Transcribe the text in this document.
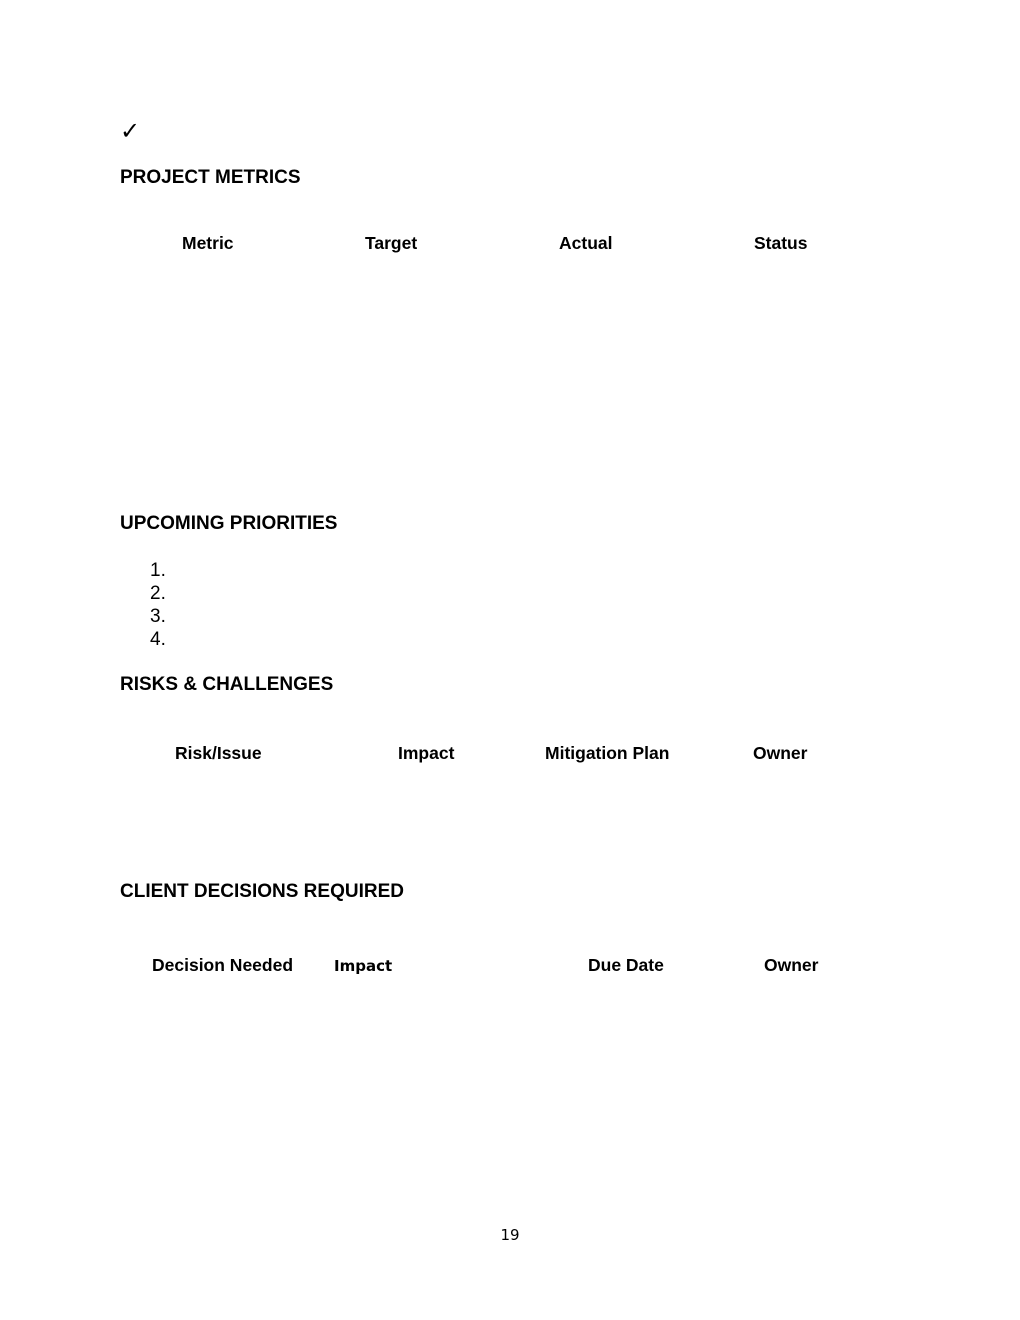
✓
PROJECT METRICS
Metric	Target	Actual	Status
UPCOMING PRIORITIES
1.
2.
3.
4.
RISKS & CHALLENGES
Risk/Issue	Impact	Mitigation Plan	Owner
CLIENT DECISIONS REQUIRED
Decision Needed	Impact	Due Date	Owner
19
